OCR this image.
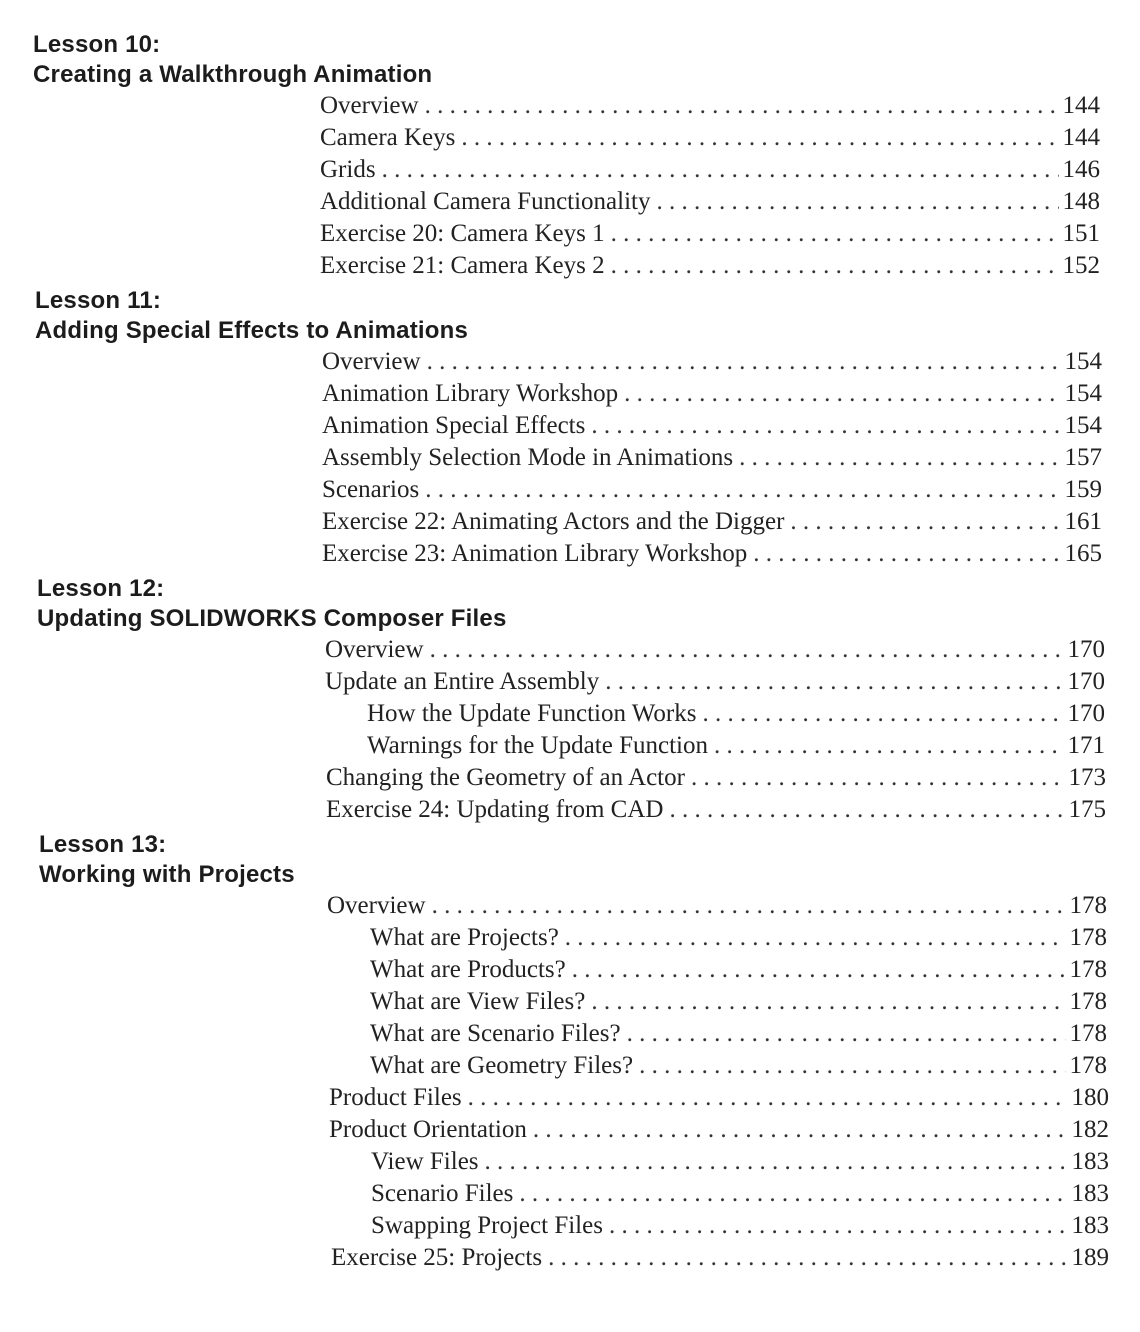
Lesson 10:
Creating a Walkthrough Animation
Overview . . .	144
Camera Keys . . .	144
Grids . . .	146
Additional Camera Functionality . . .	148
Exercise 20: Camera Keys 1 . . .	151
Exercise 21: Camera Keys 2 . . .	152
Lesson 11:
Adding Special Effects to Animations
Overview . . .	154
Animation Library Workshop . . .	154
Animation Special Effects . . .	154
Assembly Selection Mode in Animations . . .	157
Scenarios . . .	159
Exercise 22: Animating Actors and the Digger . . .	161
Exercise 23: Animation Library Workshop . . .	165
Lesson 12:
Updating SOLIDWORKS Composer Files
Overview . . .	170
Update an Entire Assembly . . .	170
How the Update Function Works . . .	170
Warnings for the Update Function . . .	171
Changing the Geometry of an Actor . . .	173
Exercise 24: Updating from CAD . . .	175
Lesson 13:
Working with Projects
Overview . . .	178
What are Projects? . . .	178
What are Products? . . .	178
What are View Files? . . .	178
What are Scenario Files? . . .	178
What are Geometry Files? . . .	178
Product Files . . .	180
Product Orientation . . .	182
View Files . . .	183
Scenario Files . . .	183
Swapping Project Files . . .	183
Exercise 25: Projects . . .	189
